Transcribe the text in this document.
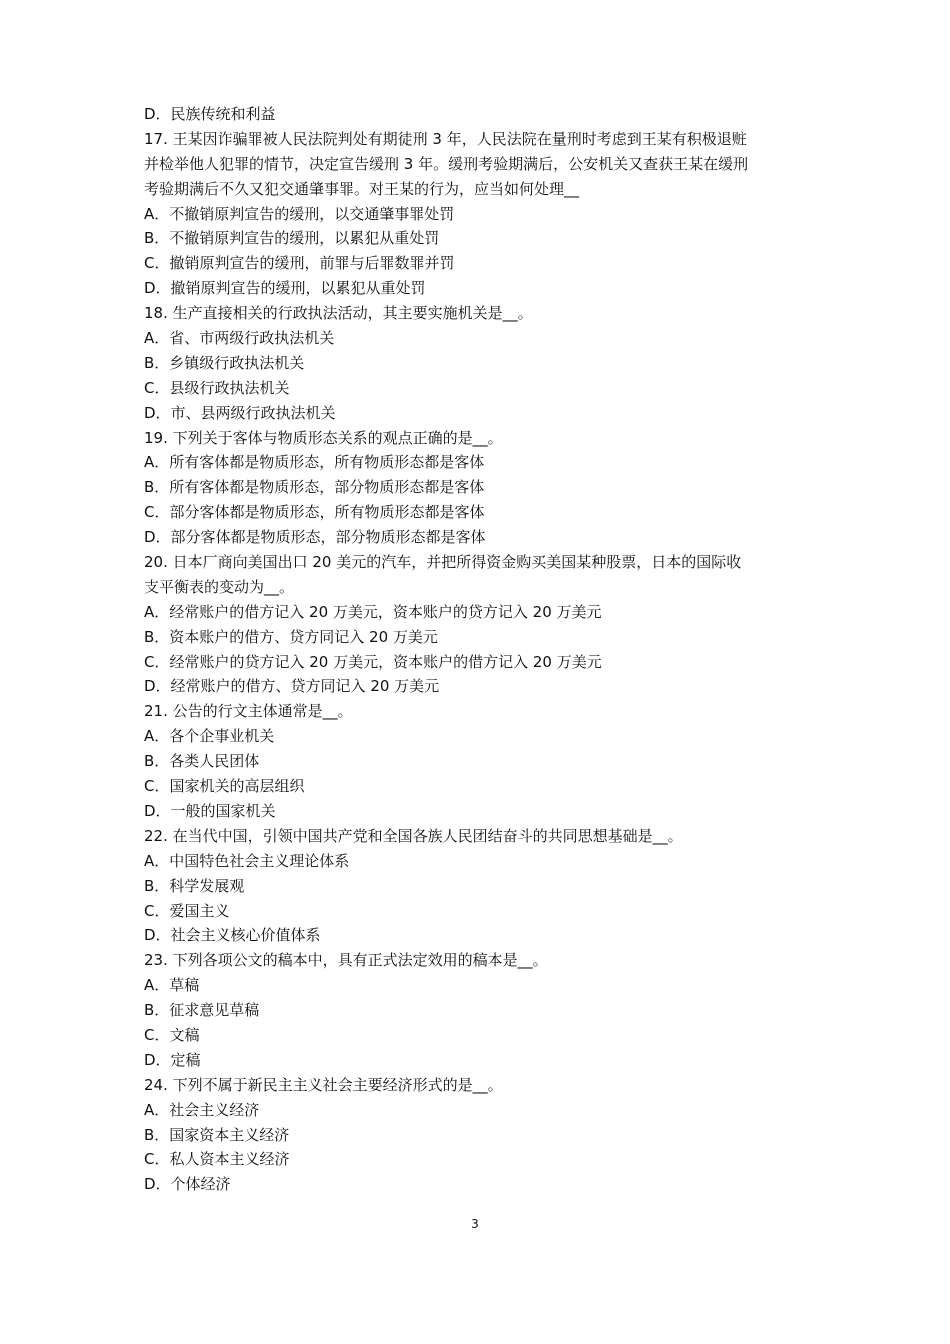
D．民族传统和利益
17. 王某因诈骗罪被人民法院判处有期徒刑 3 年，人民法院在量刑时考虑到王某有积极退赃
并检举他人犯罪的情节，决定宣告缓刑 3 年。缓刑考验期满后，公安机关又查获王某在缓刑
考验期满后不久又犯交通肇事罪。对王某的行为，应当如何处理__
A．不撤销原判宣告的缓刑，以交通肇事罪处罚
B．不撤销原判宣告的缓刑，以累犯从重处罚
C．撤销原判宣告的缓刑，前罪与后罪数罪并罚
D．撤销原判宣告的缓刑，以累犯从重处罚
18. 生产直接相关的行政执法活动，其主要实施机关是__。
A．省、市两级行政执法机关
B．乡镇级行政执法机关
C．县级行政执法机关
D．市、县两级行政执法机关
19. 下列关于客体与物质形态关系的观点正确的是__。
A．所有客体都是物质形态，所有物质形态都是客体
B．所有客体都是物质形态，部分物质形态都是客体
C．部分客体都是物质形态，所有物质形态都是客体
D．部分客体都是物质形态，部分物质形态都是客体
20. 日本厂商向美国出口 20 美元的汽车，并把所得资金购买美国某种股票，日本的国际收
支平衡表的变动为__。
A．经常账户的借方记入 20 万美元，资本账户的贷方记入 20 万美元
B．资本账户的借方、贷方同记入 20 万美元
C．经常账户的贷方记入 20 万美元，资本账户的借方记入 20 万美元
D．经常账户的借方、贷方同记入 20 万美元
21. 公告的行文主体通常是__。
A．各个企事业机关
B．各类人民团体
C．国家机关的高层组织
D．一般的国家机关
22. 在当代中国，引领中国共产党和全国各族人民团结奋斗的共同思想基础是__。
A．中国特色社会主义理论体系
B．科学发展观
C．爱国主义
D．社会主义核心价值体系
23. 下列各项公文的稿本中，具有正式法定效用的稿本是__。
A．草稿
B．征求意见草稿
C．文稿
D．定稿
24. 下列不属于新民主主义社会主要经济形式的是__。
A．社会主义经济
B．国家资本主义经济
C．私人资本主义经济
D．个体经济
3
